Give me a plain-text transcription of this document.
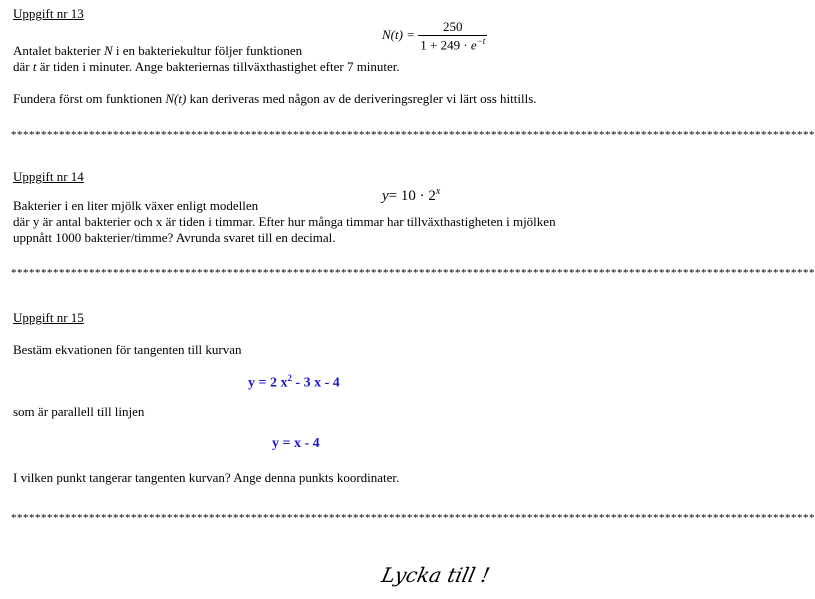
Uppgift nr 13
$N(t) = \frac{250}{1 + 249 \cdot e^{-t}}$
Antalet bakterier N i en bakteriekultur följer funktionen
där t är tiden i minuter. Ange bakteriernas tillväxthastighet efter 7 minuter.
Fundera först om funktionen N(t) kan deriveras med någon av de deriveringsregler vi lärt oss hittills.
**************************************************************************************************************************************
Uppgift nr 14
$y= 10 \cdot 2^x$
Bakterier i en liter mjölk växer enligt modellen
där y är antal bakterier och x är tiden i timmar. Efter hur många timmar har tillväxthastigheten i mjölken
uppnått 1000 bakterier/timme? Avrunda svaret till en decimal.
**************************************************************************************************************************************
Uppgift nr 15
Bestäm ekvationen för tangenten till kurvan
y = 2 $x^2 - 3$ x - 4
som är parallell till linjen
y = x - 4
I vilken punkt tangerar tangenten kurvan? Ange denna punkts koordinater.
**************************************************************************************************************************************
Lycka till !
